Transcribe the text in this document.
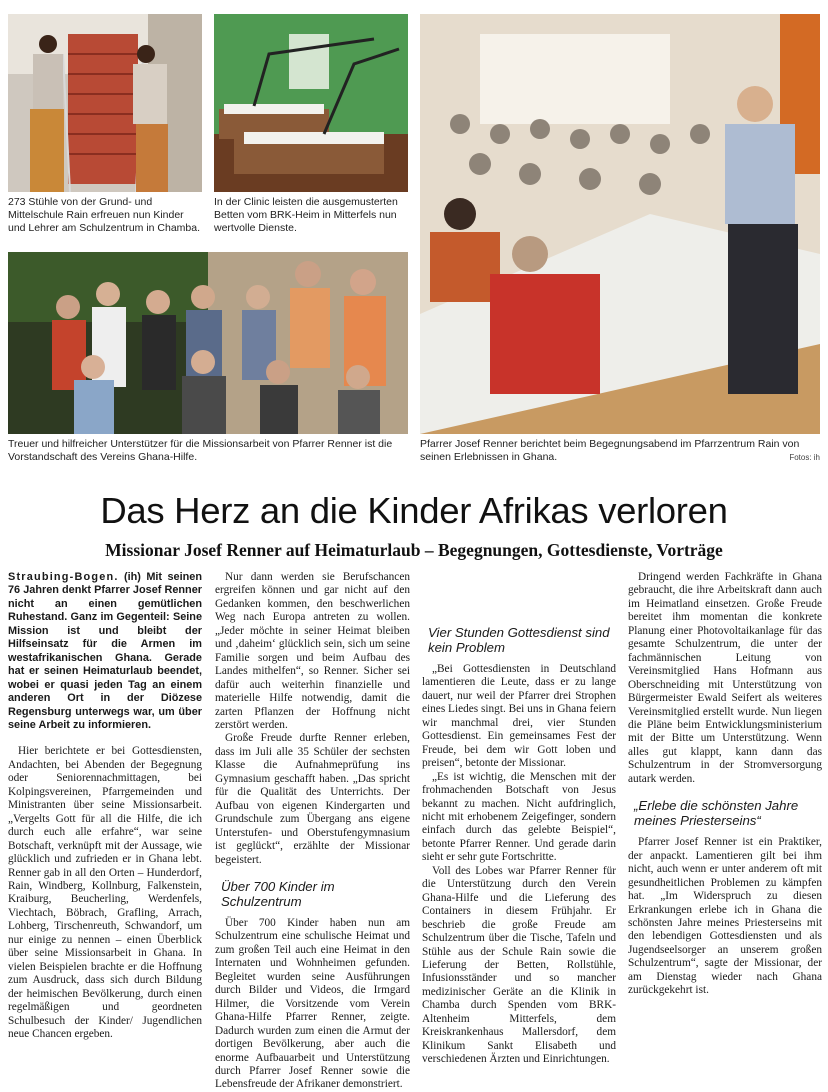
273 Stühle von der Grund- und Mittelschule Rain erfreuen nun Kinder und Lehrer am Schulzentrum in Chamba.
In der Clinic leisten die ausgemusterten Betten vom BRK-Heim in Mitterfels nun wertvolle Dienste.
Treuer und hilfreicher Unterstützer für die Missionsarbeit von Pfarrer Renner ist die Vorstandschaft des Vereins Ghana-Hilfe.
Pfarrer Josef Renner berichtet beim Begegnungsabend im Pfarrzentrum Rain von seinen Erlebnissen in Ghana.	Fotos: ih
Das Herz an die Kinder Afrikas verloren
Missionar Josef Renner auf Heimaturlaub – Begegnungen, Gottesdienste, Vorträge

Straubing-Bogen. (ih) Mit seinen 76 Jahren denkt Pfarrer Josef Renner nicht an einen gemütlichen Ruhestand. Ganz im Gegenteil: Seine Mission ist und bleibt der Hilfseinsatz für die Armen im westafrikanischen Ghana. Gerade hat er seinen Heimaturlaub beendet, wobei er quasi jeden Tag an einem anderen Ort in der Diözese Regensburg unterwegs war, um über seine Arbeit zu informieren.

Hier berichtete er bei Gottesdiensten, Andachten, bei Abenden der Begegnung oder Seniorennachmittagen, bei Kolpingsvereinen, Pfarrgemeinden und Ministranten über seine Missionsarbeit. „Vergelts Gott für all die Hilfe, die ich durch euch alle erfahre“, war seine Botschaft, verknüpft mit der Aussage, wie glücklich und zufrieden er in Ghana lebt. Renner gab in all den Orten – Hunderdorf, Rain, Windberg, Kollnburg, Falkenstein, Kraiburg, Beucherling, Werdenfels, Viechtach, Böbrach, Grafling, Arrach, Lohberg, Tirschenreuth, Schwandorf, um nur einige zu nennen – einen Überblick über seine Missionsarbeit in Ghana. In vielen Beispielen brachte er die Hoffnung zum Ausdruck, dass sich durch Bildung der heimischen Bevölkerung, durch einen regelmäßigen und geordneten Schulbesuch der Kinder/ Jugendlichen neue Chancen ergeben.

Nur dann werden sie Berufschancen ergreifen können und gar nicht auf den Gedanken kommen, den beschwerlichen Weg nach Europa antreten zu wollen. „Jeder möchte in seiner Heimat bleiben und ‚daheim‘ glücklich sein, sich um seine Familie sorgen und beim Aufbau des Landes mithelfen“, so Renner. Sicher sei dafür auch weiterhin finanzielle und materielle Hilfe notwendig, damit die zarten Pflanzen der Hoffnung nicht zerstört werden.

Große Freude durfte Renner erleben, dass im Juli alle 35 Schüler der sechsten Klasse die Aufnahmeprüfung ins Gymnasium geschafft haben. „Das spricht für die Qualität des Unterrichts. Der Aufbau von eigenen Kindergarten und Grundschule zum Übergang ans eigene Unterstufen- und Oberstufengymnasium ist geglückt“, erzählte der Missionar begeistert.

Über 700 Kinder im Schulzentrum

Über 700 Kinder haben nun am Schulzentrum eine schulische Heimat und zum großen Teil auch eine Heimat in den Internaten und Wohnheimen gefunden. Begleitet wurden seine Ausführungen durch Bilder und Videos, die Irmgard Hilmer, die Vorsitzende vom Verein Ghana-Hilfe Pfarrer Renner, zeigte. Dadurch wurden zum einen die Armut der dortigen Bevölkerung, aber auch die enorme Aufbauarbeit und Unterstützung durch Pfarrer Josef Renner sowie die Lebensfreude der Afrikaner demonstriert.

Vier Stunden Gottesdienst sind kein Problem

„Bei Gottesdiensten in Deutschland lamentieren die Leute, dass er zu lange dauert, nur weil der Pfarrer drei Strophen eines Liedes singt. Bei uns in Ghana feiern wir manchmal drei, vier Stunden Gottesdienst. Ein gemeinsames Fest der Freude, bei dem wir Gott loben und preisen“, betonte der Missionar.

„Es ist wichtig, die Menschen mit der frohmachenden Botschaft von Jesus bekannt zu machen. Nicht aufdringlich, nicht mit erhobenem Zeigefinger, sondern einfach durch das gelebte Beispiel“, betonte Pfarrer Renner. Und gerade darin sieht er sehr gute Fortschritte.

Voll des Lobes war Pfarrer Renner für die Unterstützung durch den Verein Ghana-Hilfe und die Lieferung des Containers in diesem Frühjahr. Er beschrieb die große Freude am Schulzentrum über die Tische, Tafeln und Stühle aus der Schule Rain sowie die Lieferung der Betten, Rollstühle, Infusionsständer und so mancher medizinischer Geräte an die Klinik in Chamba durch Spenden vom BRK-Altenheim Mitterfels, dem Kreiskrankenhaus Mallersdorf, dem Klinikum Sankt Elisabeth und verschiedenen Ärzten und Einrichtungen.

Dringend werden Fachkräfte in Ghana gebraucht, die ihre Arbeitskraft dann auch im Heimatland einsetzen. Große Freude bereitet ihm momentan die konkrete Planung einer Photovoltaikanlage für das gesamte Schulzentrum, die unter der fachmännischen Leitung von Vereinsmitglied Hans Hofmann aus Oberschneiding mit Unterstützung von Bürgermeister Ewald Seifert als weiteres Vereinsmitglied erstellt wurde. Nun liegen die Pläne beim Entwicklungsministerium mit der Bitte um Unterstützung. Wenn alles gut klappt, kann dann das Schulzentrum in der Stromversorgung autark werden.

„Erlebe die schönsten Jahre meines Priesterseins“

Pfarrer Josef Renner ist ein Praktiker, der anpackt. Lamentieren gilt bei ihm nicht, auch wenn er unter anderem oft mit gesundheitlichen Problemen zu kämpfen hat. „Im Widerspruch zu diesen Erkrankungen erlebe ich in Ghana die schönsten Jahre meines Priesterseins mit den lebendigen Gottesdiensten und als Jugendseelsorger an unserem großen Schulzentrum“, sagte der Missionar, der am Dienstag wieder nach Ghana zurückgekehrt ist.
